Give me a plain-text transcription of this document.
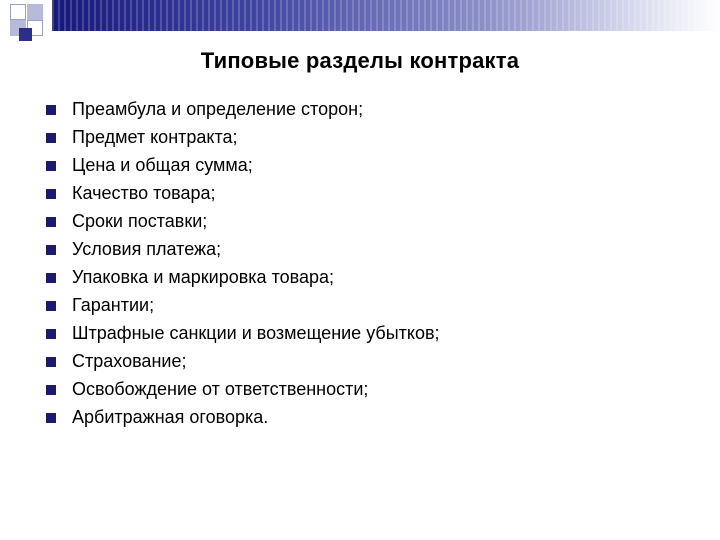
Типовые разделы контракта
Преамбула и определение сторон;
Предмет контракта;
Цена и общая сумма;
Качество товара;
Сроки поставки;
Условия платежа;
Упаковка и маркировка товара;
Гарантии;
Штрафные санкции и возмещение убытков;
Страхование;
Освобождение от ответственности;
Арбитражная оговорка.
